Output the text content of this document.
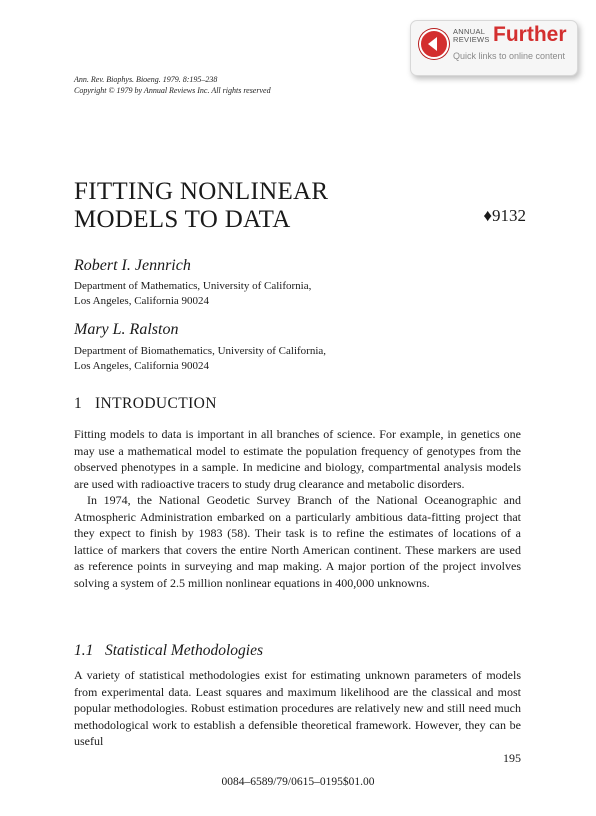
ANNUAL REVIEWS Further
Quick links to online content
Ann. Rev. Biophys. Bioeng. 1979. 8:195–238
Copyright © 1979 by Annual Reviews Inc. All rights reserved
FITTING NONLINEAR
MODELS TO DATA	♦9132
Robert I. Jennrich
Department of Mathematics, University of California,
Los Angeles, California 90024
Mary L. Ralston
Department of Biomathematics, University of California,
Los Angeles, California 90024
1   INTRODUCTION

Fitting models to data is important in all branches of science. For example, in genetics one may use a mathematical model to estimate the population frequency of genotypes from the observed phenotypes in a sample. In medicine and biology, compartmental analysis models are used with radioactive tracers to study drug clearance and metabolic disorders.

In 1974, the National Geodetic Survey Branch of the National Oceanographic and Atmospheric Administration embarked on a particularly ambitious data-fitting project that they expect to finish by 1983 (58). Their task is to refine the estimates of locations of a lattice of markers that covers the entire North American continent. These markers are used as reference points in surveying and map making. A major portion of the project involves solving a system of 2.5 million nonlinear equations in 400,000 unknowns.

1.1   Statistical Methodologies

A variety of statistical methodologies exist for estimating unknown parameters of models from experimental data. Least squares and maximum likelihood are the classical and most popular methodologies. Robust estimation procedures are relatively new and still need much methodological work to establish a defensible theoretical framework. However, they can be useful

195
0084–6589/79/0615–0195$01.00
